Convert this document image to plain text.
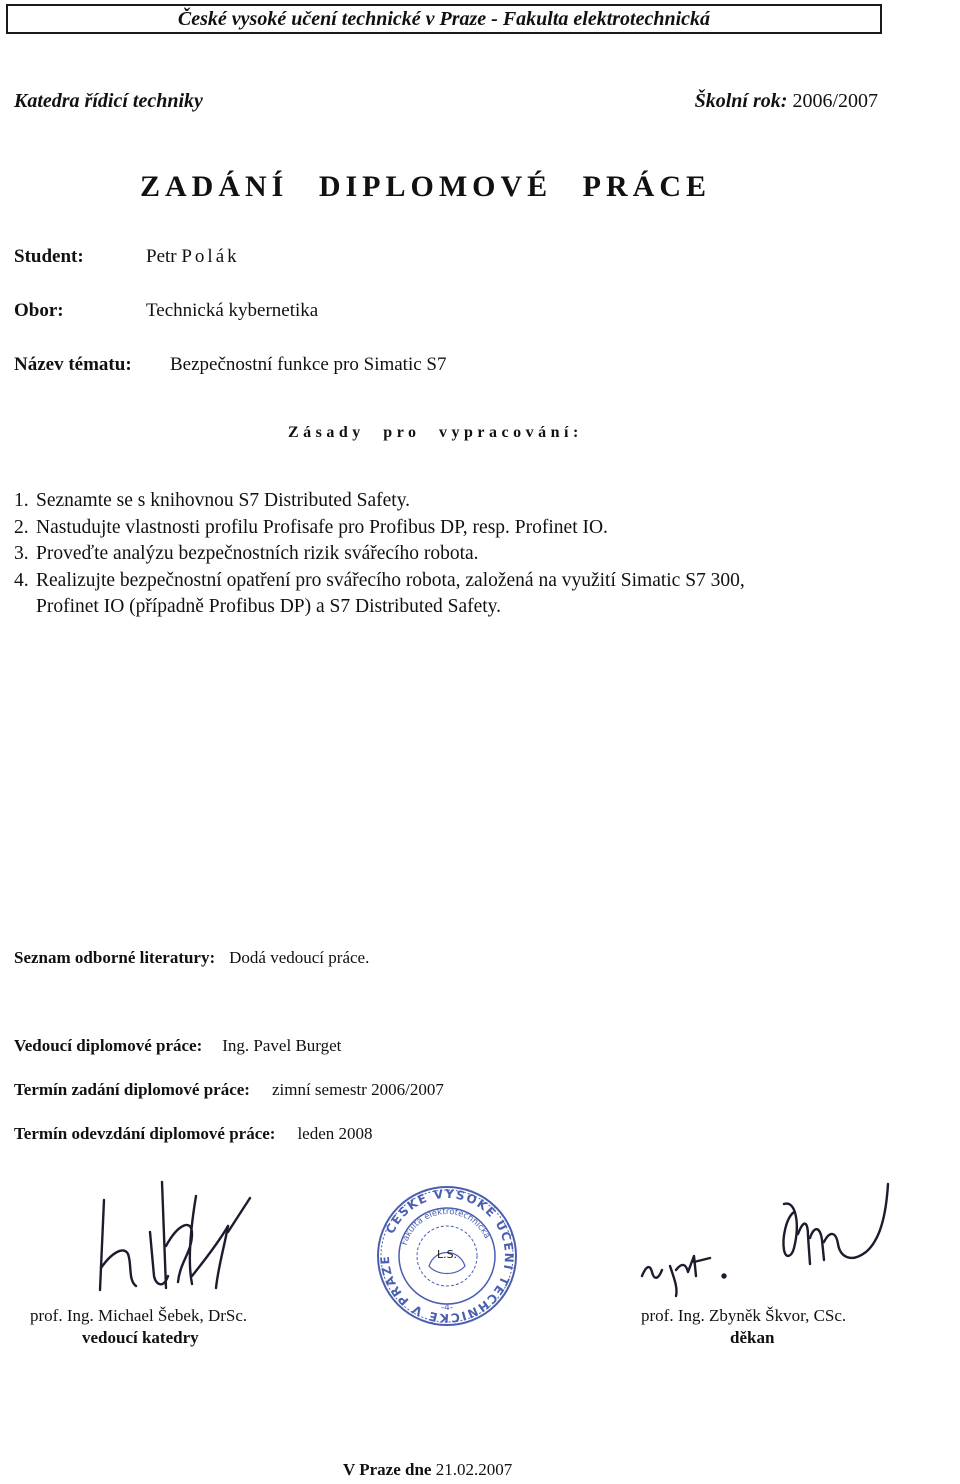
České vysoké učení technické v Praze - Fakulta elektrotechnická
Katedra řídicí techniky	Školní rok: 2006/2007
ZADÁNÍ DIPLOMOVÉ PRÁCE
Student:	Petr Polák
Obor:	Technická kybernetika
Název tématu: Bezpečnostní funkce pro Simatic S7
Zásady pro vypracování:
1. Seznamte se s knihovnou S7 Distributed Safety.
2. Nastudujte vlastnosti profilu Profisafe pro Profibus DP, resp. Profinet IO.
3. Proveďte analýzu bezpečnostních rizik svářecího robota.
4. Realizujte bezpečnostní opatření pro svářecího robota, založená na využití Simatic S7 300,
Profinet IO (případně Profibus DP) a S7 Distributed Safety.
Seznam odborné literatury: Dodá vedoucí práce.
Vedoucí diplomové práce: Ing. Pavel Burget
Termín zadání diplomové práce: zimní semestr 2006/2007
Termín odevzdání diplomové práce: leden 2008
ČESKÉ VYSOKÉ UČENÍ TECHNICKÉ V PRAZE
Fakulta elektrotechnická
L.S.
-4-
prof. Ing. Michael Šebek, DrSc.
vedoucí katedry
prof. Ing. Zbyněk Škvor, CSc.
děkan
V Praze dne 21.02.2007
